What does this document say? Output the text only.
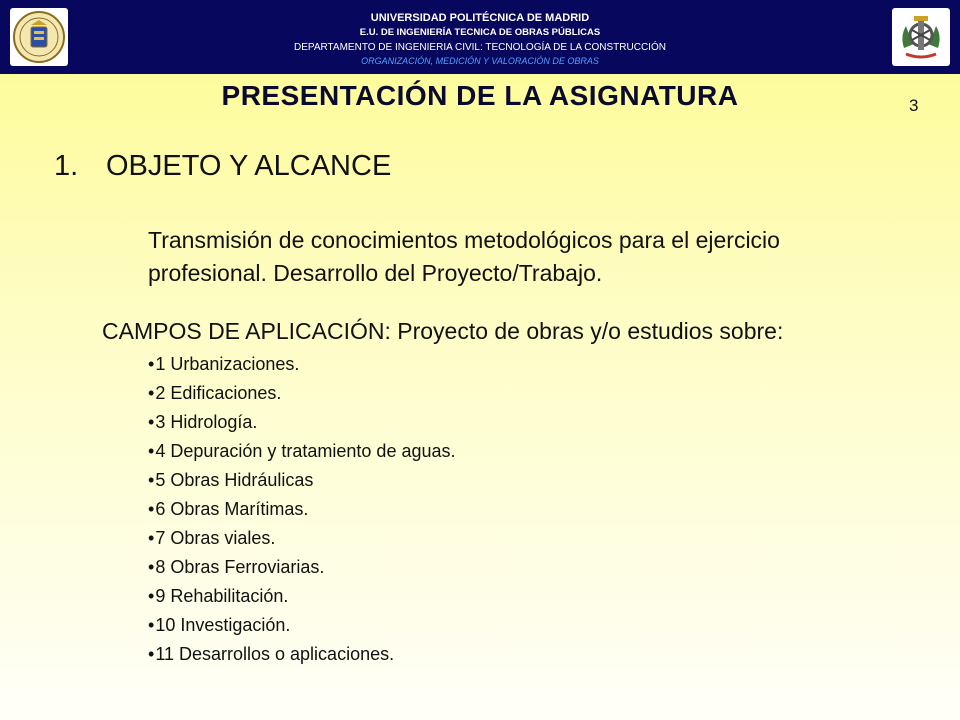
UNIVERSIDAD POLITÉCNICA DE MADRID
E.U. DE INGENIERÍA TECNICA DE OBRAS PÚBLICAS
DEPARTAMENTO DE INGENIERIA CIVIL: TECNOLOGÍA DE LA CONSTRUCCIÓN
ORGANIZACIÓN, MEDICIÓN Y VALORACIÓN DE OBRAS
PRESENTACIÓN DE LA ASIGNATURA	3
1. OBJETO Y ALCANCE
Transmisión de conocimientos metodológicos para el ejercicio
profesional. Desarrollo del Proyecto/Trabajo.
CAMPOS DE APLICACIÓN: Proyecto de obras y/o estudios sobre:
•1 Urbanizaciones.
•2 Edificaciones.
•3 Hidrología.
•4 Depuración y tratamiento de aguas.
•5 Obras Hidráulicas
•6 Obras Marítimas.
•7 Obras viales.
•8 Obras Ferroviarias.
•9 Rehabilitación.
•10 Investigación.
•11 Desarrollos o aplicaciones.
